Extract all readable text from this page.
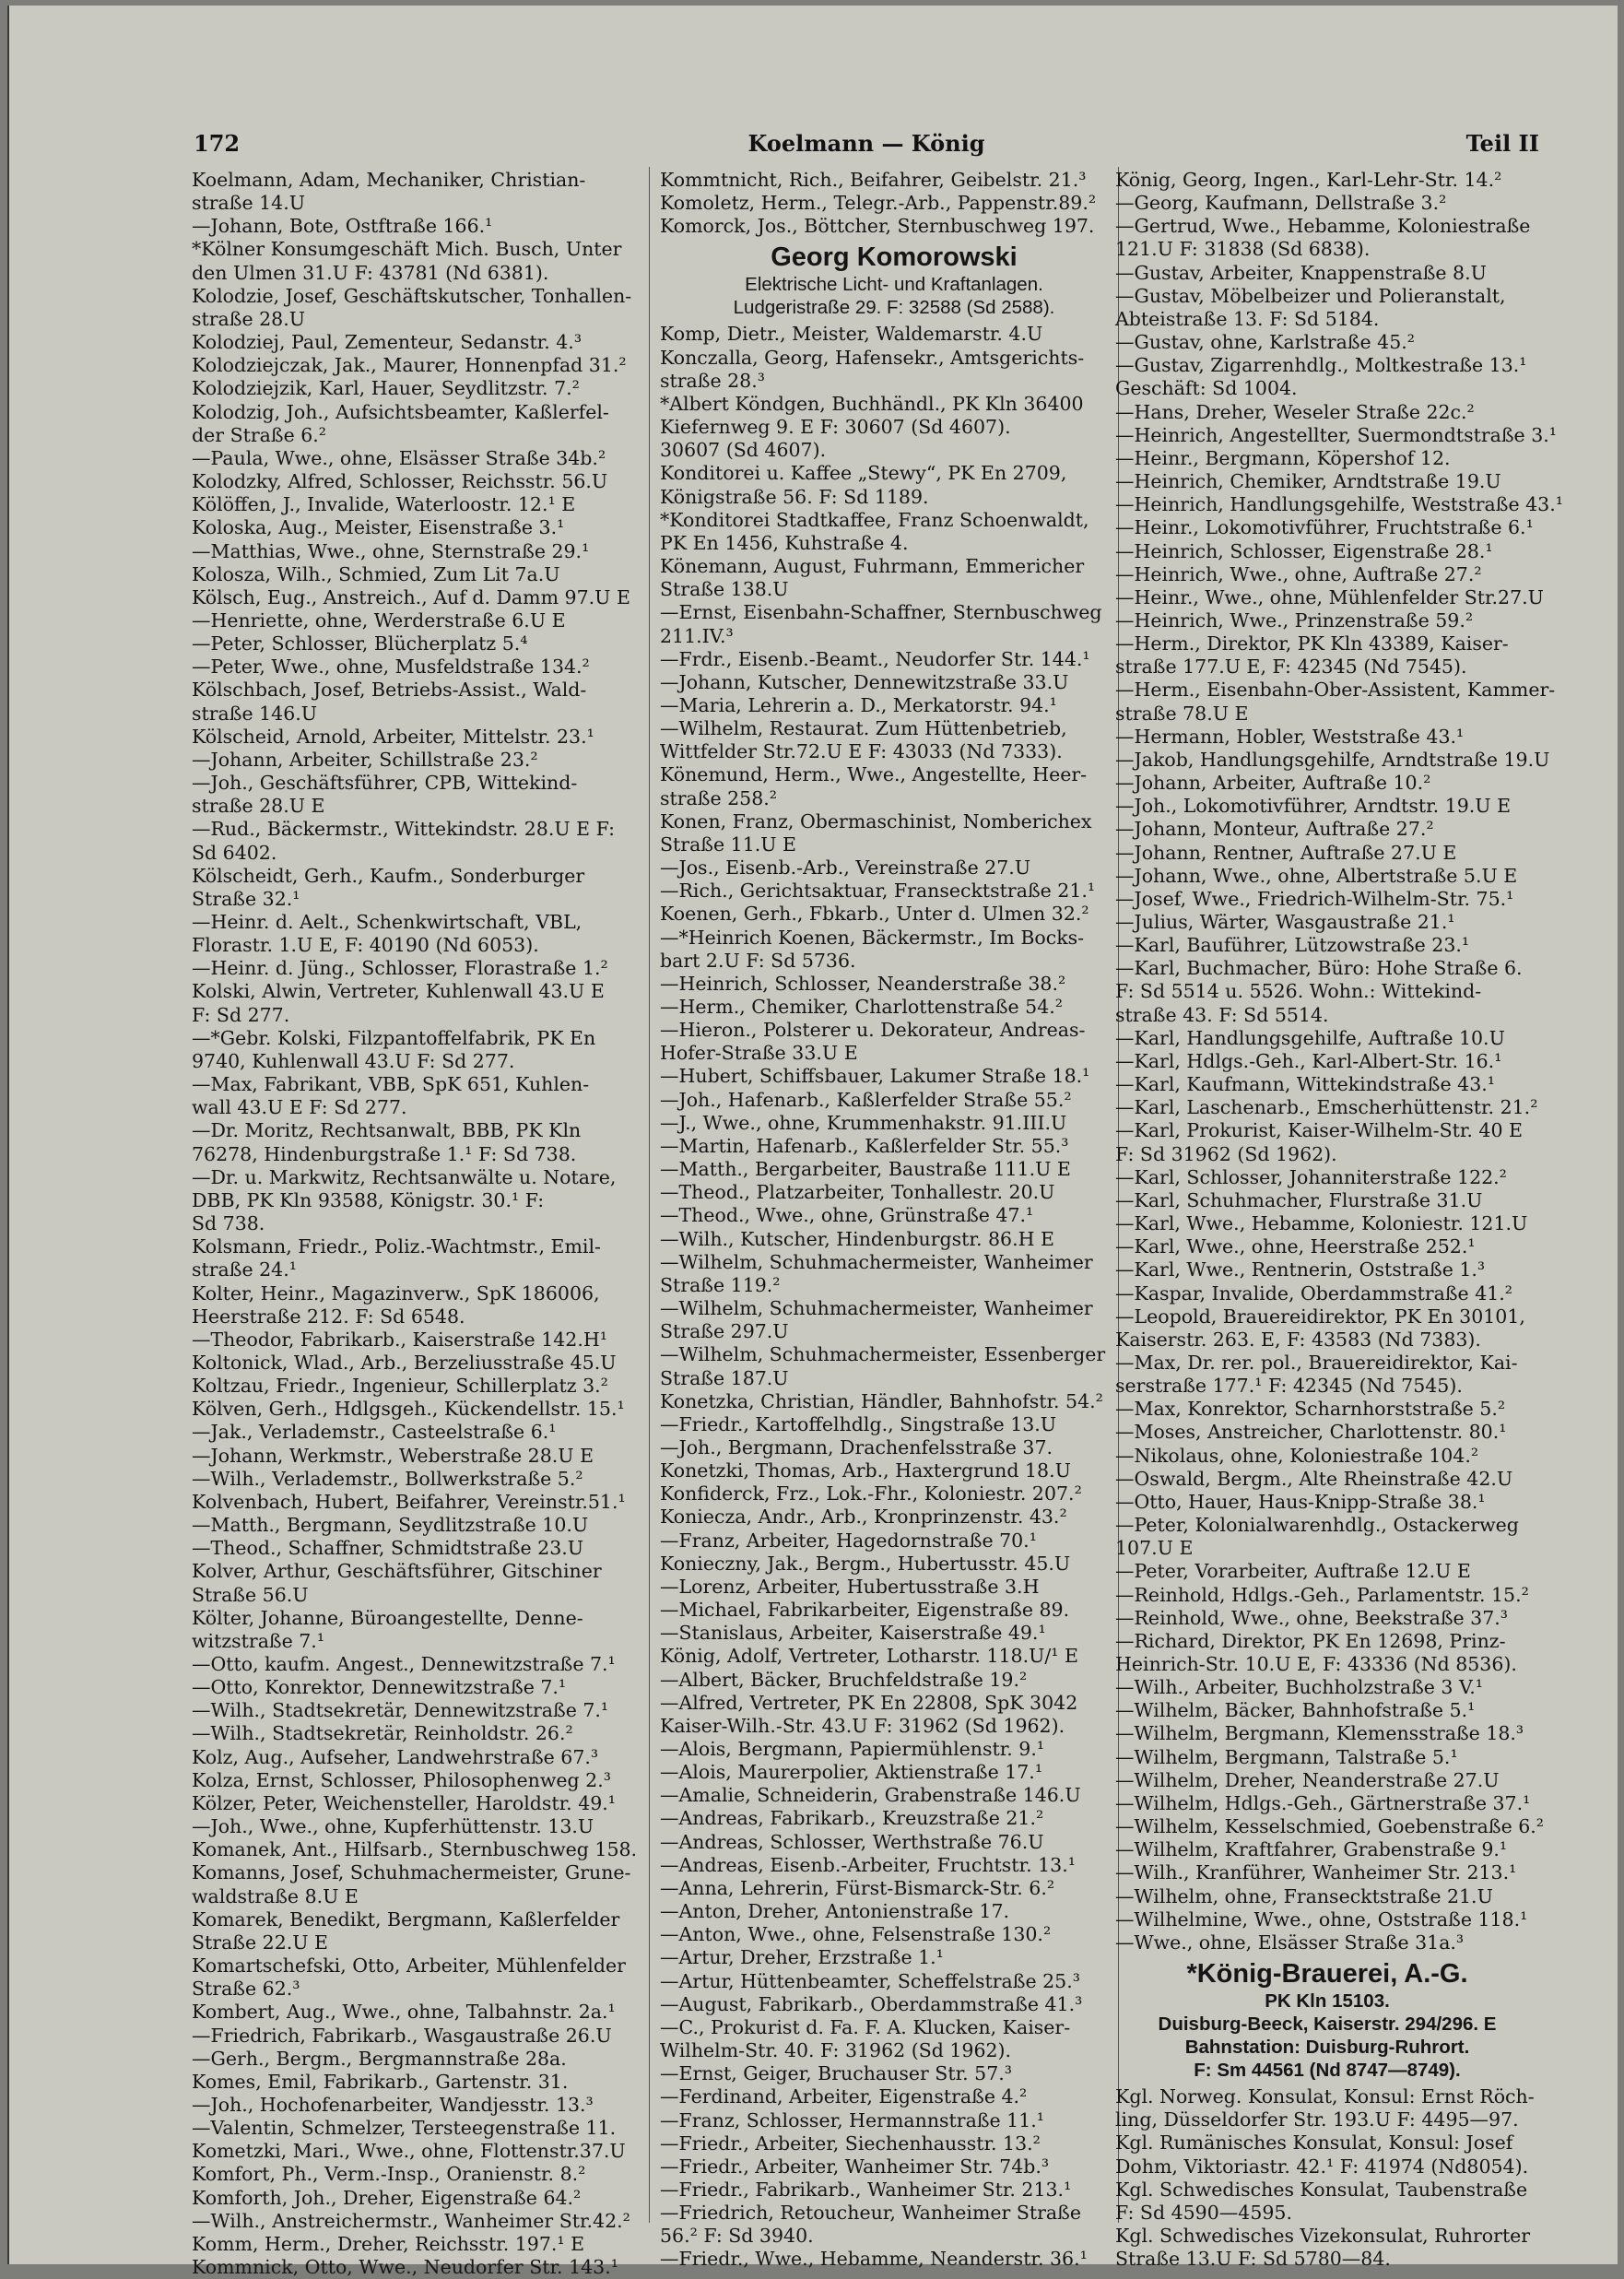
172	Koelmann — König	Teil II

Koelmann, Adam, Mechaniker, Christian-

straße 14.U

—Johann, Bote, Ostftraße 166.¹

*Kölner Konsumgeschäft Mich. Busch, Unter

den Ulmen 31.U F: 43781 (Nd 6381).

Kolodzie, Josef, Geschäftskutscher, Tonhallen-

straße 28.U

Kolodziej, Paul, Zementeur, Sedanstr. 4.³

Kolodziejczak, Jak., Maurer, Honnenpfad 31.²

Kolodziejzik, Karl, Hauer, Seydlitzstr. 7.²

Kolodzig, Joh., Aufsichtsbeamter, Kaßlerfel-

der Straße 6.²

—Paula, Wwe., ohne, Elsässer Straße 34b.²

Kolodzky, Alfred, Schlosser, Reichsstr. 56.U

Kölöffen, J., Invalide, Waterloostr. 12.¹ E

Koloska, Aug., Meister, Eisenstraße 3.¹

—Matthias, Wwe., ohne, Sternstraße 29.¹

Kolosza, Wilh., Schmied, Zum Lit 7a.U

Kölsch, Eug., Anstreich., Auf d. Damm 97.U E

—Henriette, ohne, Werderstraße 6.U E

—Peter, Schlosser, Blücherplatz 5.⁴

—Peter, Wwe., ohne, Musfeldstraße 134.²

Kölschbach, Josef, Betriebs-Assist., Wald-

straße 146.U

Kölscheid, Arnold, Arbeiter, Mittelstr. 23.¹

—Johann, Arbeiter, Schillstraße 23.²

—Joh., Geschäftsführer, CPB, Wittekind-

straße 28.U E

—Rud., Bäckermstr., Wittekindstr. 28.U E F:

Sd 6402.

Kölscheidt, Gerh., Kaufm., Sonderburger

Straße 32.¹

—Heinr. d. Aelt., Schenkwirtschaft, VBL,

Florastr. 1.U E, F: 40190 (Nd 6053).

—Heinr. d. Jüng., Schlosser, Florastraße 1.²

Kolski, Alwin, Vertreter, Kuhlenwall 43.U E

F: Sd 277.

—*Gebr. Kolski, Filzpantoffelfabrik, PK En

9740, Kuhlenwall 43.U F: Sd 277.

—Max, Fabrikant, VBB, SpK 651, Kuhlen-

wall 43.U E F: Sd 277.

—Dr. Moritz, Rechtsanwalt, BBB, PK Kln

76278, Hindenburgstraße 1.¹ F: Sd 738.

—Dr. u. Markwitz, Rechtsanwälte u. Notare,

DBB, PK Kln 93588, Königstr. 30.¹ F:

Sd 738.

Kolsmann, Friedr., Poliz.-Wachtmstr., Emil-

straße 24.¹

Kolter, Heinr., Magazinverw., SpK 186006,

Heerstraße 212. F: Sd 6548.

—Theodor, Fabrikarb., Kaiserstraße 142.H¹

Koltonick, Wlad., Arb., Berzeliusstraße 45.U

Koltzau, Friedr., Ingenieur, Schillerplatz 3.²

Kölven, Gerh., Hdlgsgeh., Kückendellstr. 15.¹

—Jak., Verlademstr., Casteelstraße 6.¹

—Johann, Werkmstr., Weberstraße 28.U E

—Wilh., Verlademstr., Bollwerkstraße 5.²

Kolvenbach, Hubert, Beifahrer, Vereinstr.51.¹

—Matth., Bergmann, Seydlitzstraße 10.U

—Theod., Schaffner, Schmidtstraße 23.U

Kolver, Arthur, Geschäftsführer, Gitschiner

Straße 56.U

Költer, Johanne, Büroangestellte, Denne-

witzstraße 7.¹

—Otto, kaufm. Angest., Dennewitzstraße 7.¹

—Otto, Konrektor, Dennewitzstraße 7.¹

—Wilh., Stadtsekretär, Dennewitzstraße 7.¹

—Wilh., Stadtsekretär, Reinholdstr. 26.²

Kolz, Aug., Aufseher, Landwehrstraße 67.³

Kolza, Ernst, Schlosser, Philosophenweg 2.³

Kölzer, Peter, Weichensteller, Haroldstr. 49.¹

—Joh., Wwe., ohne, Kupferhüttenstr. 13.U

Komanek, Ant., Hilfsarb., Sternbuschweg 158.

Komanns, Josef, Schuhmachermeister, Grune-

waldstraße 8.U E

Komarek, Benedikt, Bergmann, Kaßlerfelder

Straße 22.U E

Komartschefski, Otto, Arbeiter, Mühlenfelder

Straße 62.³

Kombert, Aug., Wwe., ohne, Talbahnstr. 2a.¹

—Friedrich, Fabrikarb., Wasgaustraße 26.U

—Gerh., Bergm., Bergmannstraße 28a.

Komes, Emil, Fabrikarb., Gartenstr. 31.

—Joh., Hochofenarbeiter, Wandjesstr. 13.³

—Valentin, Schmelzer, Tersteegenstraße 11.

Kometzki, Mari., Wwe., ohne, Flottenstr.37.U

Komfort, Ph., Verm.-Insp., Oranienstr. 8.²

Komforth, Joh., Dreher, Eigenstraße 64.²

—Wilh., Anstreichermstr., Wanheimer Str.42.²

Komm, Herm., Dreher, Reichsstr. 197.¹ E

Kommnick, Otto, Wwe., Neudorfer Str. 143.¹

Kommtnicht, Rich., Beifahrer, Geibelstr. 21.³

Komoletz, Herm., Telegr.-Arb., Pappenstr.89.²

Komorck, Jos., Böttcher, Sternbuschweg 197.

Georg Komorowski
Elektrische Licht- und Kraftanlagen.
Ludgeristraße 29. F: 32588 (Sd 2588).

Komp, Dietr., Meister, Waldemarstr. 4.U

Konczalla, Georg, Hafensekr., Amtsgerichts-

straße 28.³

*Albert Köndgen, Buchhändl., PK Kln 36400

Kiefernweg 9. E F: 30607 (Sd 4607).

30607 (Sd 4607).

Konditorei u. Kaffee „Stewy“, PK En 2709,

Königstraße 56. F: Sd 1189.

*Konditorei Stadtkaffee, Franz Schoenwaldt,

PK En 1456, Kuhstraße 4.

Könemann, August, Fuhrmann, Emmericher

Straße 138.U

—Ernst, Eisenbahn-Schaffner, Sternbuschweg

211.IV.³

—Frdr., Eisenb.-Beamt., Neudorfer Str. 144.¹

—Johann, Kutscher, Dennewitzstraße 33.U

—Maria, Lehrerin a. D., Merkatorstr. 94.¹

—Wilhelm, Restaurat. Zum Hüttenbetrieb,

Wittfelder Str.72.U E F: 43033 (Nd 7333).

Könemund, Herm., Wwe., Angestellte, Heer-

straße 258.²

Konen, Franz, Obermaschinist, Nomberichex

Straße 11.U E

—Jos., Eisenb.-Arb., Vereinstraße 27.U

—Rich., Gerichtsaktuar, Fransecktstraße 21.¹

Koenen, Gerh., Fbkarb., Unter d. Ulmen 32.²

—*Heinrich Koenen, Bäckermstr., Im Bocks-

bart 2.U F: Sd 5736.

—Heinrich, Schlosser, Neanderstraße 38.²

—Herm., Chemiker, Charlottenstraße 54.²

—Hieron., Polsterer u. Dekorateur, Andreas-

Hofer-Straße 33.U E

—Hubert, Schiffsbauer, Lakumer Straße 18.¹

—Joh., Hafenarb., Kaßlerfelder Straße 55.²

—J., Wwe., ohne, Krummenhakstr. 91.III.U

—Martin, Hafenarb., Kaßlerfelder Str. 55.³

—Matth., Bergarbeiter, Baustraße 111.U E

—Theod., Platzarbeiter, Tonhallestr. 20.U

—Theod., Wwe., ohne, Grünstraße 47.¹

—Wilh., Kutscher, Hindenburgstr. 86.H E

—Wilhelm, Schuhmachermeister, Wanheimer

Straße 119.²

—Wilhelm, Schuhmachermeister, Wanheimer

Straße 297.U

—Wilhelm, Schuhmachermeister, Essenberger

Straße 187.U

Konetzka, Christian, Händler, Bahnhofstr. 54.²

—Friedr., Kartoffelhdlg., Singstraße 13.U

—Joh., Bergmann, Drachenfelsstraße 37.

Konetzki, Thomas, Arb., Haxtergrund 18.U

Konfiderck, Frz., Lok.-Fhr., Koloniestr. 207.²

Koniecza, Andr., Arb., Kronprinzenstr. 43.²

—Franz, Arbeiter, Hagedornstraße 70.¹

Konieczny, Jak., Bergm., Hubertusstr. 45.U

—Lorenz, Arbeiter, Hubertusstraße 3.H

—Michael, Fabrikarbeiter, Eigenstraße 89.

—Stanislaus, Arbeiter, Kaiserstraße 49.¹

König, Adolf, Vertreter, Lotharstr. 118.U/¹ E

—Albert, Bäcker, Bruchfeldstraße 19.²

—Alfred, Vertreter, PK En 22808, SpK 3042

Kaiser-Wilh.-Str. 43.U F: 31962 (Sd 1962).

—Alois, Bergmann, Papiermühlenstr. 9.¹

—Alois, Maurerpolier, Aktienstraße 17.¹

—Amalie, Schneiderin, Grabenstraße 146.U

—Andreas, Fabrikarb., Kreuzstraße 21.²

—Andreas, Schlosser, Werthstraße 76.U

—Andreas, Eisenb.-Arbeiter, Fruchtstr. 13.¹

—Anna, Lehrerin, Fürst-Bismarck-Str. 6.²

—Anton, Dreher, Antonienstraße 17.

—Anton, Wwe., ohne, Felsenstraße 130.²

—Artur, Dreher, Erzstraße 1.¹

—Artur, Hüttenbeamter, Scheffelstraße 25.³

—August, Fabrikarb., Oberdammstraße 41.³

—C., Prokurist d. Fa. F. A. Klucken, Kaiser-

Wilhelm-Str. 40. F: 31962 (Sd 1962).

—Ernst, Geiger, Bruchauser Str. 57.³

—Ferdinand, Arbeiter, Eigenstraße 4.²

—Franz, Schlosser, Hermannstraße 11.¹

—Friedr., Arbeiter, Siechenhausstr. 13.²

—Friedr., Arbeiter, Wanheimer Str. 74b.³

—Friedr., Fabrikarb., Wanheimer Str. 213.¹

—Friedrich, Retoucheur, Wanheimer Straße

56.² F: Sd 3940.

—Friedr., Wwe., Hebamme, Neanderstr. 36.¹

König, Georg, Ingen., Karl-Lehr-Str. 14.²

—Georg, Kaufmann, Dellstraße 3.²

—Gertrud, Wwe., Hebamme, Koloniestraße

121.U F: 31838 (Sd 6838).

—Gustav, Arbeiter, Knappenstraße 8.U

—Gustav, Möbelbeizer und Polieranstalt,

Abteistraße 13. F: Sd 5184.

—Gustav, ohne, Karlstraße 45.²

—Gustav, Zigarrenhdlg., Moltkestraße 13.¹

Geschäft: Sd 1004.

—Hans, Dreher, Weseler Straße 22c.²

—Heinrich, Angestellter, Suermondtstraße 3.¹

—Heinr., Bergmann, Köpershof 12.

—Heinrich, Chemiker, Arndtstraße 19.U

—Heinrich, Handlungsgehilfe, Weststraße 43.¹

—Heinr., Lokomotivführer, Fruchtstraße 6.¹

—Heinrich, Schlosser, Eigenstraße 28.¹

—Heinrich, Wwe., ohne, Auftraße 27.²

—Heinr., Wwe., ohne, Mühlenfelder Str.27.U

—Heinrich, Wwe., Prinzenstraße 59.²

—Herm., Direktor, PK Kln 43389, Kaiser-

straße 177.U E, F: 42345 (Nd 7545).

—Herm., Eisenbahn-Ober-Assistent, Kammer-

straße 78.U E

—Hermann, Hobler, Weststraße 43.¹

—Jakob, Handlungsgehilfe, Arndtstraße 19.U

—Johann, Arbeiter, Auftraße 10.²

—Joh., Lokomotivführer, Arndtstr. 19.U E

—Johann, Monteur, Auftraße 27.²

—Johann, Rentner, Auftraße 27.U E

—Johann, Wwe., ohne, Albertstraße 5.U E

—Josef, Wwe., Friedrich-Wilhelm-Str. 75.¹

—Julius, Wärter, Wasgaustraße 21.¹

—Karl, Bauführer, Lützowstraße 23.¹

—Karl, Buchmacher, Büro: Hohe Straße 6.

F: Sd 5514 u. 5526. Wohn.: Wittekind-

straße 43. F: Sd 5514.

—Karl, Handlungsgehilfe, Auftraße 10.U

—Karl, Hdlgs.-Geh., Karl-Albert-Str. 16.¹

—Karl, Kaufmann, Wittekindstraße 43.¹

—Karl, Laschenarb., Emscherhüttenstr. 21.²

—Karl, Prokurist, Kaiser-Wilhelm-Str. 40 E

F: Sd 31962 (Sd 1962).

—Karl, Schlosser, Johanniterstraße 122.²

—Karl, Schuhmacher, Flurstraße 31.U

—Karl, Wwe., Hebamme, Koloniestr. 121.U

—Karl, Wwe., ohne, Heerstraße 252.¹

—Karl, Wwe., Rentnerin, Oststraße 1.³

—Kaspar, Invalide, Oberdammstraße 41.²

—Leopold, Brauereidirektor, PK En 30101,

Kaiserstr. 263. E, F: 43583 (Nd 7383).

—Max, Dr. rer. pol., Brauereidirektor, Kai-

serstraße 177.¹ F: 42345 (Nd 7545).

—Max, Konrektor, Scharnhorststraße 5.²

—Moses, Anstreicher, Charlottenstr. 80.¹

—Nikolaus, ohne, Koloniestraße 104.²

—Oswald, Bergm., Alte Rheinstraße 42.U

—Otto, Hauer, Haus-Knipp-Straße 38.¹

—Peter, Kolonialwarenhdlg., Ostackerweg

107.U E

—Peter, Vorarbeiter, Auftraße 12.U E

—Reinhold, Hdlgs.-Geh., Parlamentstr. 15.²

—Reinhold, Wwe., ohne, Beekstraße 37.³

—Richard, Direktor, PK En 12698, Prinz-

Heinrich-Str. 10.U E, F: 43336 (Nd 8536).

—Wilh., Arbeiter, Buchholzstraße 3 V.¹

—Wilhelm, Bäcker, Bahnhofstraße 5.¹

—Wilhelm, Bergmann, Klemensstraße 18.³

—Wilhelm, Bergmann, Talstraße 5.¹

—Wilhelm, Dreher, Neanderstraße 27.U

—Wilhelm, Hdlgs.-Geh., Gärtnerstraße 37.¹

—Wilhelm, Kesselschmied, Goebenstraße 6.²

—Wilhelm, Kraftfahrer, Grabenstraße 9.¹

—Wilh., Kranführer, Wanheimer Str. 213.¹

—Wilhelm, ohne, Fransecktstraße 21.U

—Wilhelmine, Wwe., ohne, Oststraße 118.¹

—Wwe., ohne, Elsässer Straße 31a.³

*König-Brauerei, A.-G.
PK Kln 15103.
Duisburg-Beeck, Kaiserstr. 294/296. E
Bahnstation: Duisburg-Ruhrort.
F: Sm 44561 (Nd 8747—8749).

Kgl. Norweg. Konsulat, Konsul: Ernst Röch-

ling, Düsseldorfer Str. 193.U F: 4495—97.

Kgl. Rumänisches Konsulat, Konsul: Josef

Dohm, Viktoriastr. 42.¹ F: 41974 (Nd8054).

Kgl. Schwedisches Konsulat, Taubenstraße

F: Sd 4590—4595.

Kgl. Schwedisches Vizekonsulat, Ruhrorter

Straße 13.U F: Sd 5780—84.
